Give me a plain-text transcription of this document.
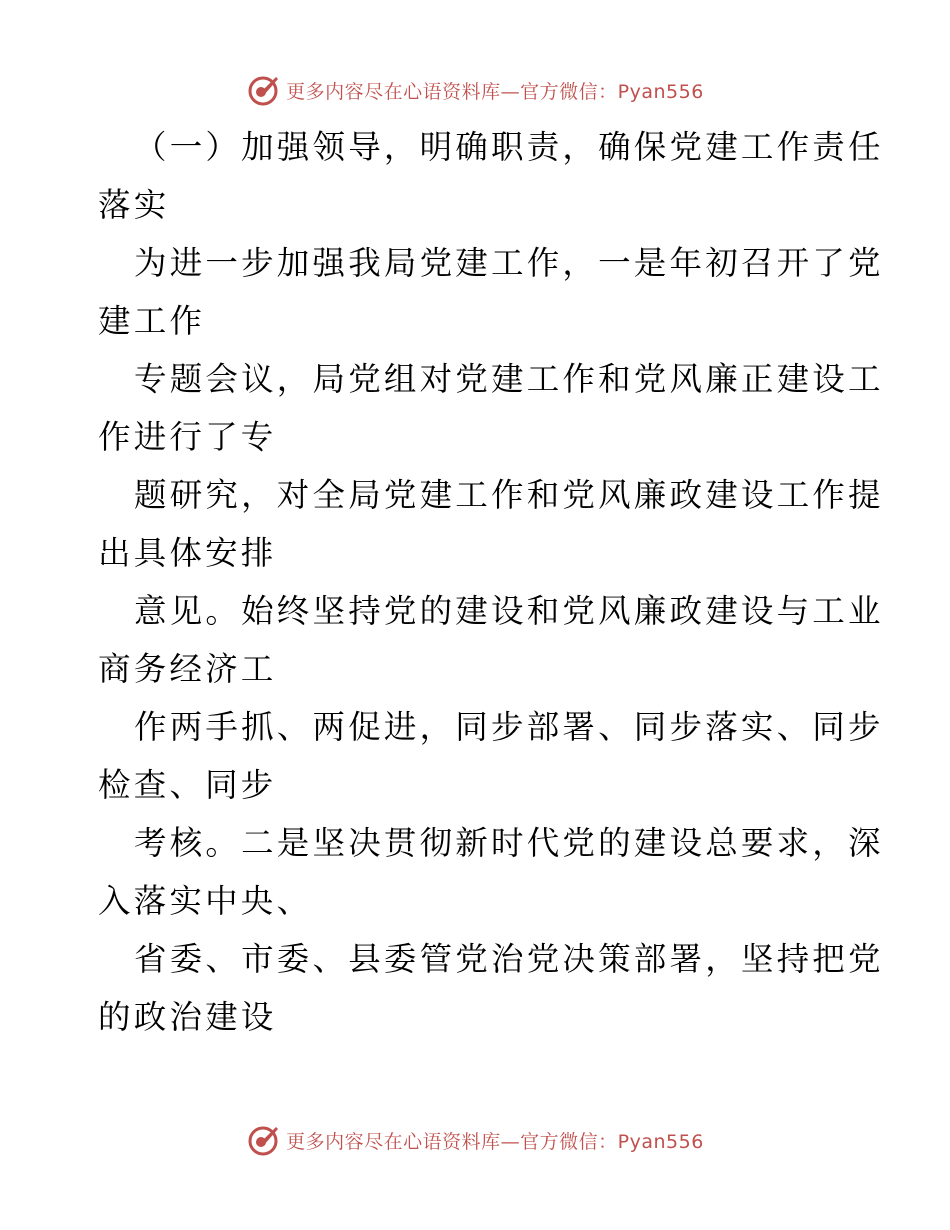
更多内容尽在心语资料库—官方微信：Pyan556
（一）加强领导，明确职责，确保党建工作责任
落实
为进一步加强我局党建工作，一是年初召开了党
建工作
专题会议，局党组对党建工作和党风廉正建设工
作进行了专
题研究，对全局党建工作和党风廉政建设工作提
出具体安排
意见。始终坚持党的建设和党风廉政建设与工业
商务经济工
作两手抓、两促进，同步部署、同步落实、同步
检查、同步
考核。二是坚决贯彻新时代党的建设总要求，深
入落实中央、
省委、市委、县委管党治党决策部署，坚持把党
的政治建设
更多内容尽在心语资料库—官方微信：Pyan556
